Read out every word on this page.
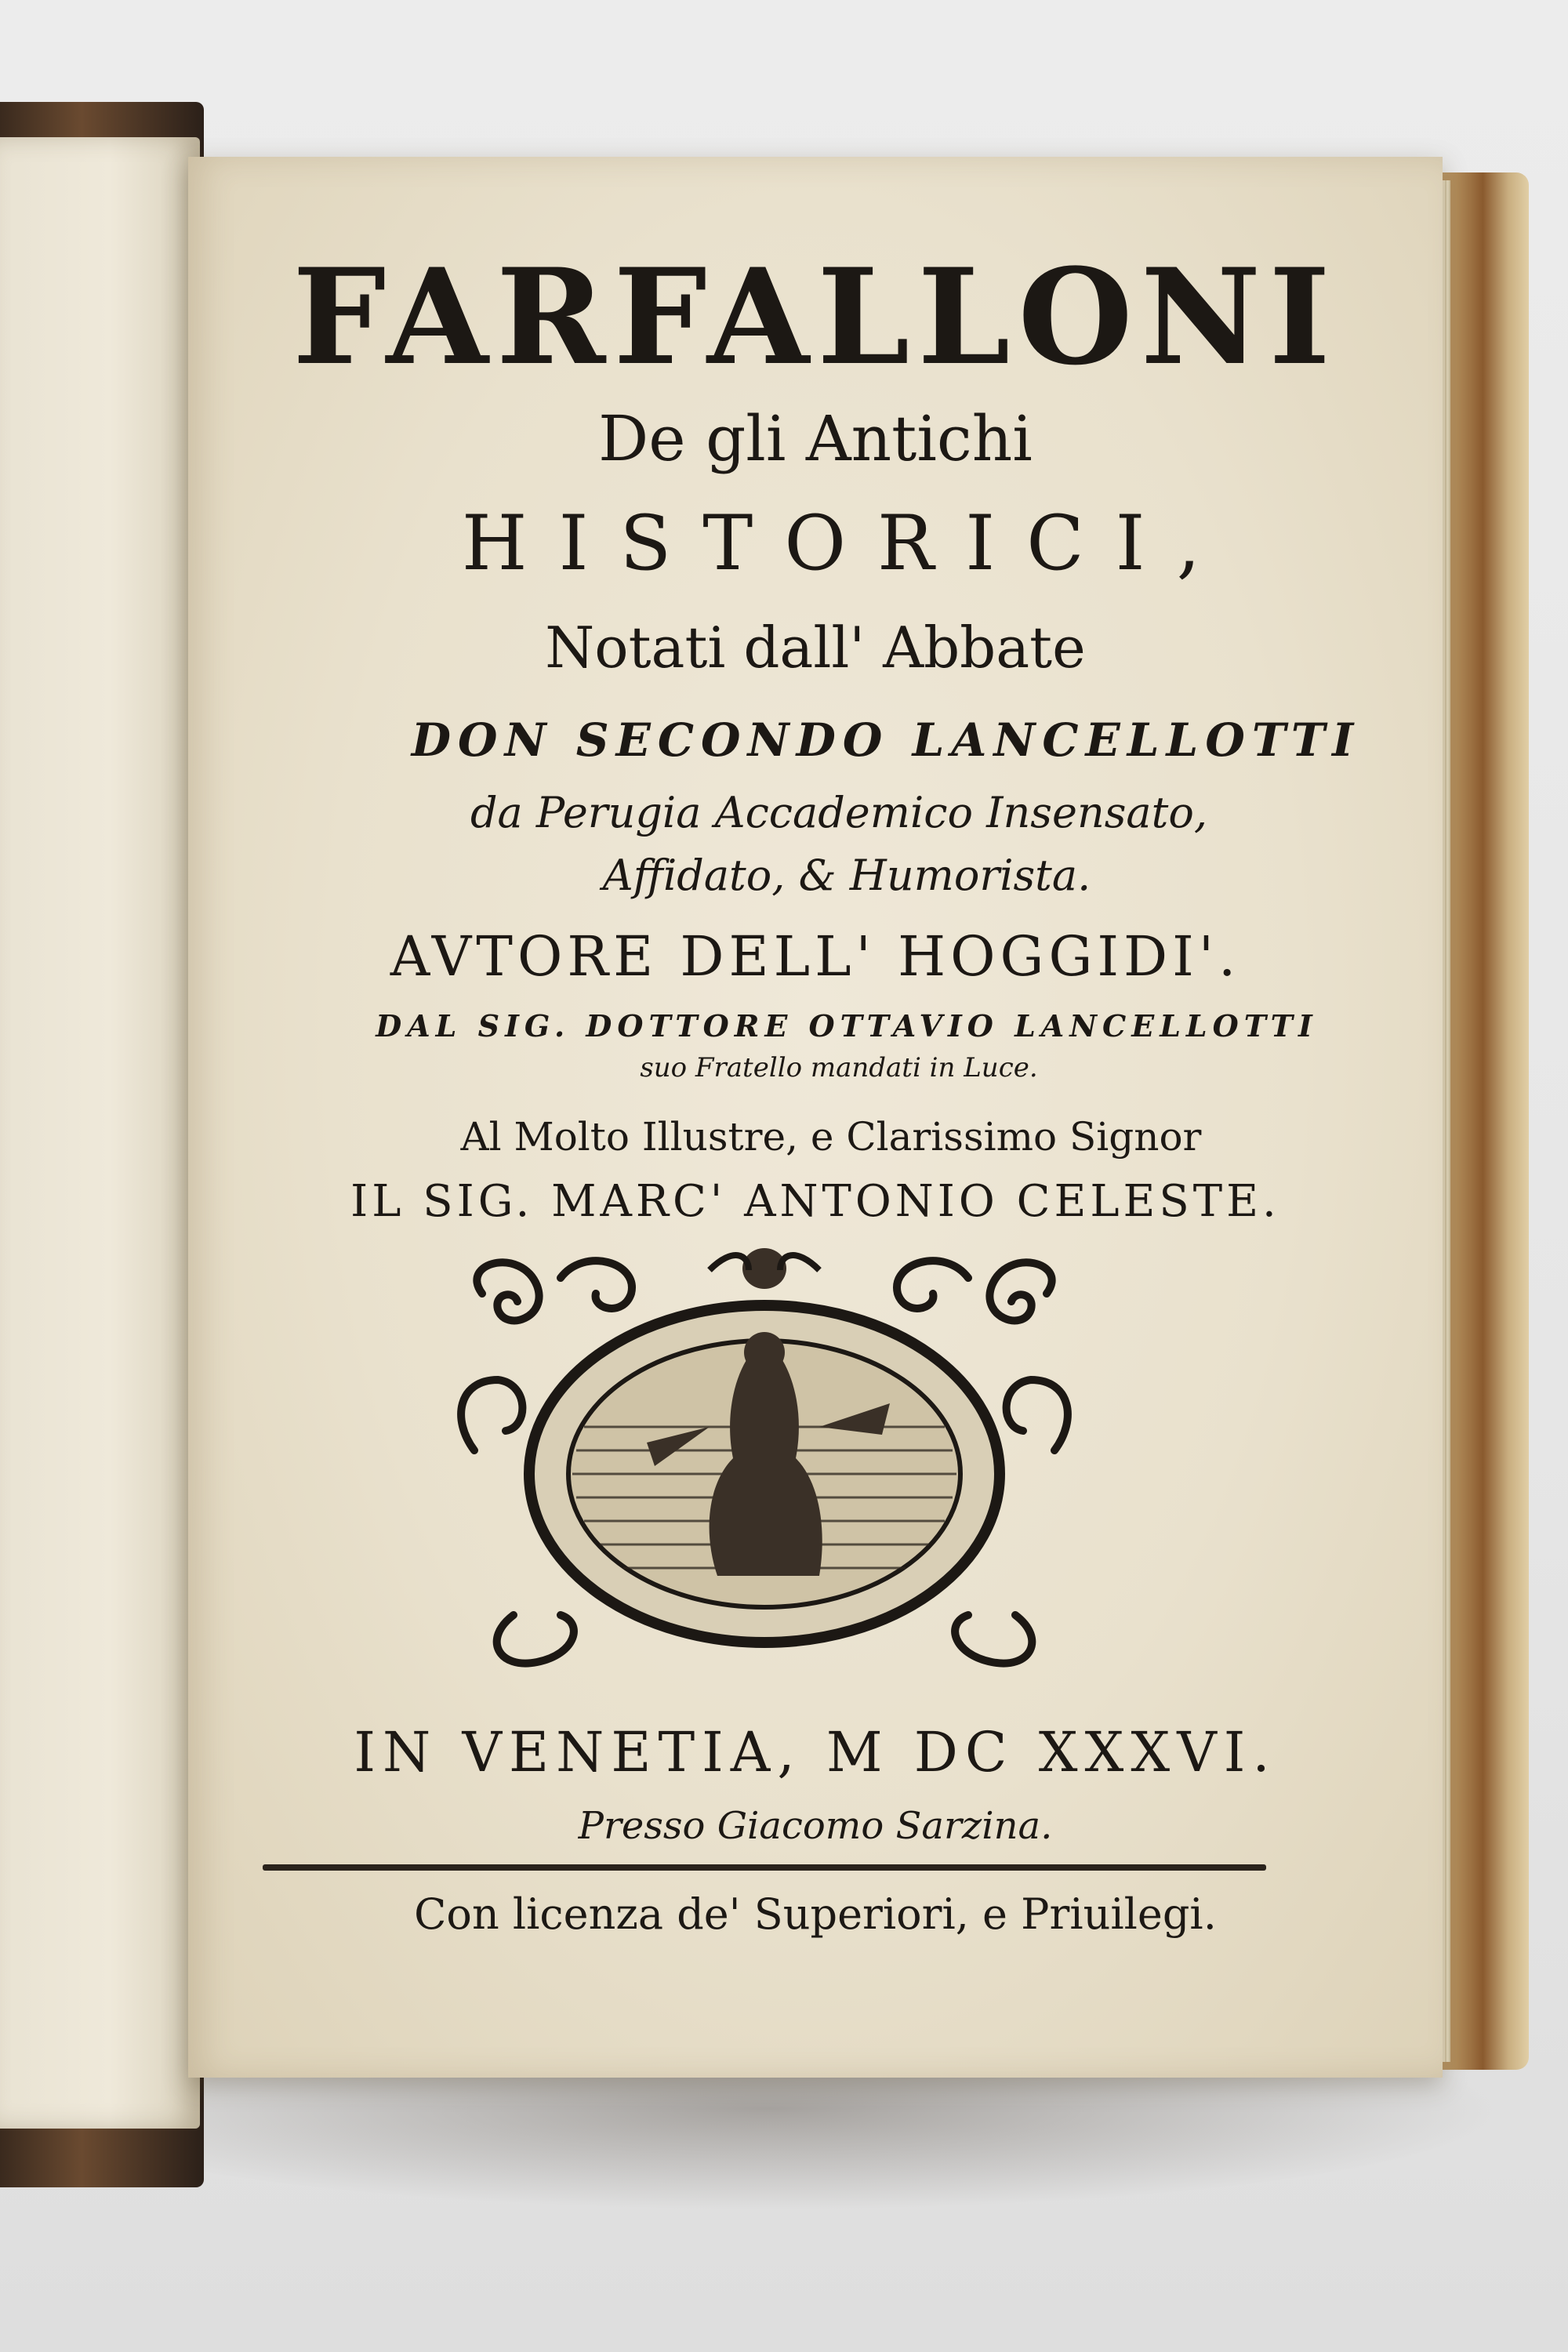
FARFALLONI

De gli Antichi

HISTORICI,

Notati dall' Abbate

DON SECONDO LANCELLOTTI

da Perugia Accademico Insensato,

Affidato, & Humorista.

AVTORE DELL' HOGGIDI'.

DAL SIG. DOTTORE OTTAVIO LANCELLOTTI

suo Fratello mandati in Luce.

Al Molto Illustre, e Clarissimo Signor

IL SIG. MARC' ANTONIO CELESTE.

IN VENETIA, M DC XXXVI.

Presso Giacomo Sarzina.

Con licenza de' Superiori, e Priuilegi.
